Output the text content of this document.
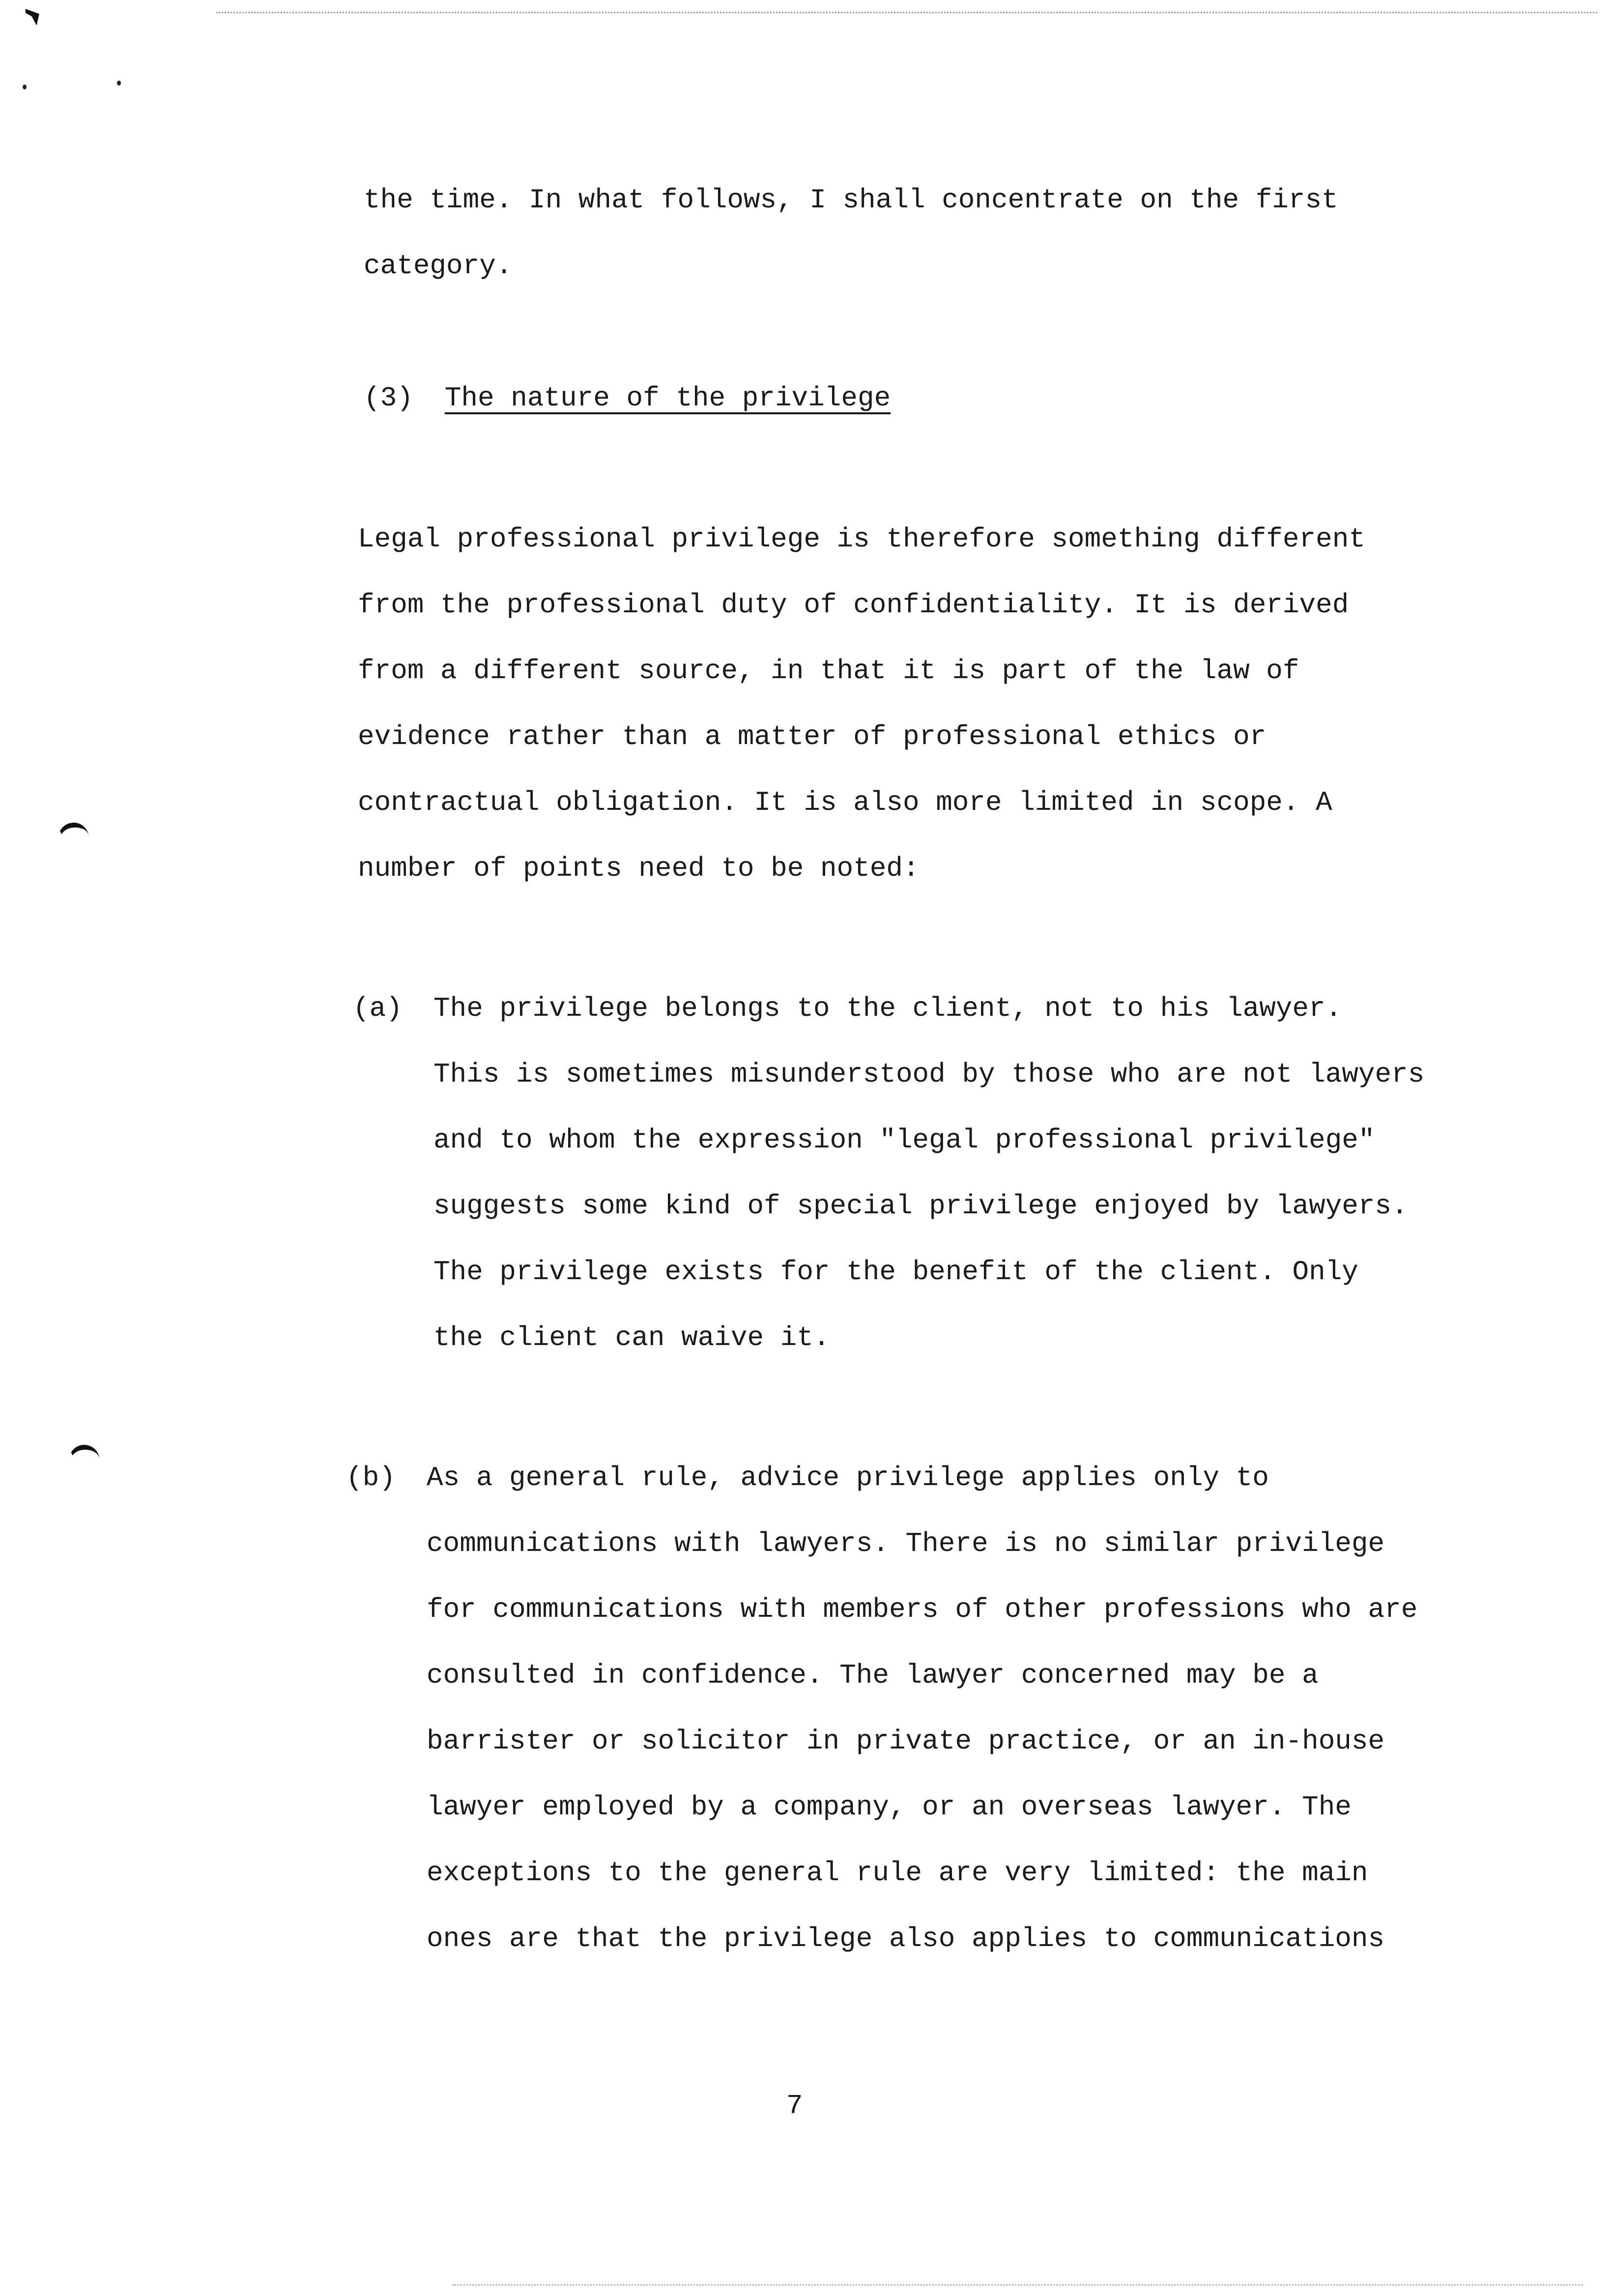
the time. In what follows, I shall concentrate on the first
category.
(3) The nature of the privilege
Legal professional privilege is therefore something different
from the professional duty of confidentiality. It is derived
from a different source, in that it is part of the law of
evidence rather than a matter of professional ethics or
contractual obligation. It is also more limited in scope. A
number of points need to be noted:
(a) The privilege belongs to the client, not to his lawyer.
This is sometimes misunderstood by those who are not lawyers
and to whom the expression "legal professional privilege"
suggests some kind of special privilege enjoyed by lawyers.
The privilege exists for the benefit of the client. Only
the client can waive it.
(b) As a general rule, advice privilege applies only to
communications with lawyers. There is no similar privilege
for communications with members of other professions who are
consulted in confidence. The lawyer concerned may be a
barrister or solicitor in private practice, or an in-house
lawyer employed by a company, or an overseas lawyer. The
exceptions to the general rule are very limited: the main
ones are that the privilege also applies to communications
7
